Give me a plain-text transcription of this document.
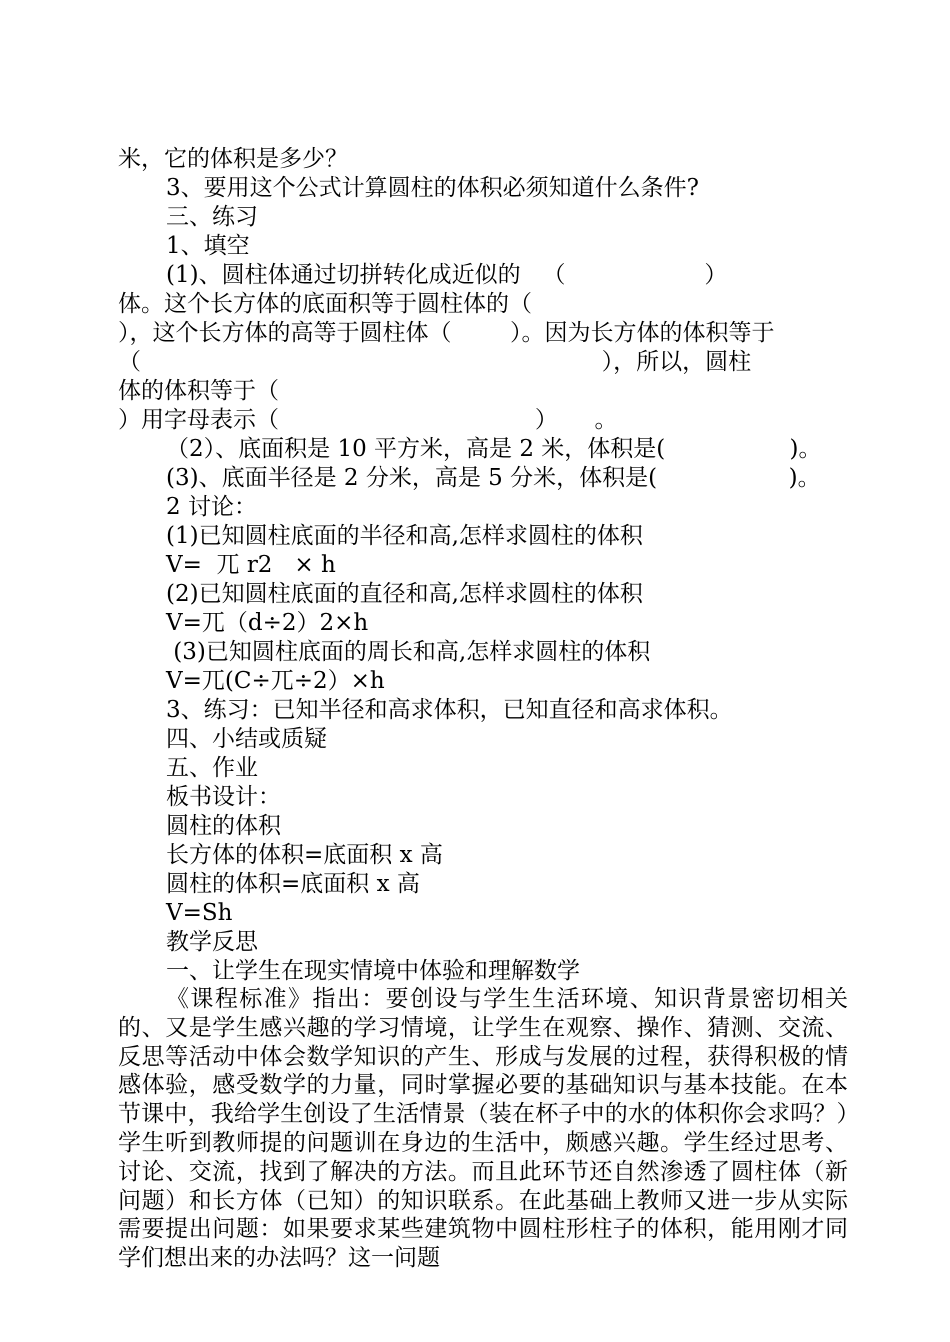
米，它的体积是多少？
3、要用这个公式计算圆柱的体积必须知道什么条件?
三、练习
1、填空
(1)、圆柱体通过切拼转化成近似的   （                   ）
体。这个长方体的底面积等于圆柱体的（
），这个长方体的高等于圆柱体（        ）。因为长方体的体积等于
（                                                               ），所以，圆柱
体的体积等于（
）用字母表示（                                   ）     。
（2）、底面积是 10 平方米，高是 2 米，体积是(                 )。
(3)、底面半径是 2 分米，高是 5 分米，体积是(                  )。
2 讨论：
(1)已知圆柱底面的半径和高,怎样求圆柱的体积
V=  兀 r2   × h
(2)已知圆柱底面的直径和高,怎样求圆柱的体积
V=兀（d÷2）2×h
(3)已知圆柱底面的周长和高,怎样求圆柱的体积
V=兀(C÷兀÷2）×h
3、练习：已知半径和高求体积，已知直径和高求体积。
四、小结或质疑
五、作业
板书设计：
圆柱的体积
长方体的体积=底面积 x 高
圆柱的体积=底面积 x 高
V=Sh
教学反思
一、让学生在现实情境中体验和理解数学
《课程标准》指出：要创设与学生生活环境、知识背景密切相关的、又是学生感兴趣的学习情境，让学生在观察、操作、猜测、交流、反思等活动中体会数学知识的产生、形成与发展的过程，获得积极的情感体验，感受数学的力量，同时掌握必要的基础知识与基本技能。在本节课中，我给学生创设了生活情景（装在杯子中的水的体积你会求吗？）学生听到教师提的问题训在身边的生活中，颇感兴趣。学生经过思考、讨论、交流，找到了解决的方法。而且此环节还自然渗透了圆柱体（新问题）和长方体（已知）的知识联系。在此基础上教师又进一步从实际需要提出问题：如果要求某些建筑物中圆柱形柱子的体积，能用刚才同学们想出来的办法吗？这一问题
